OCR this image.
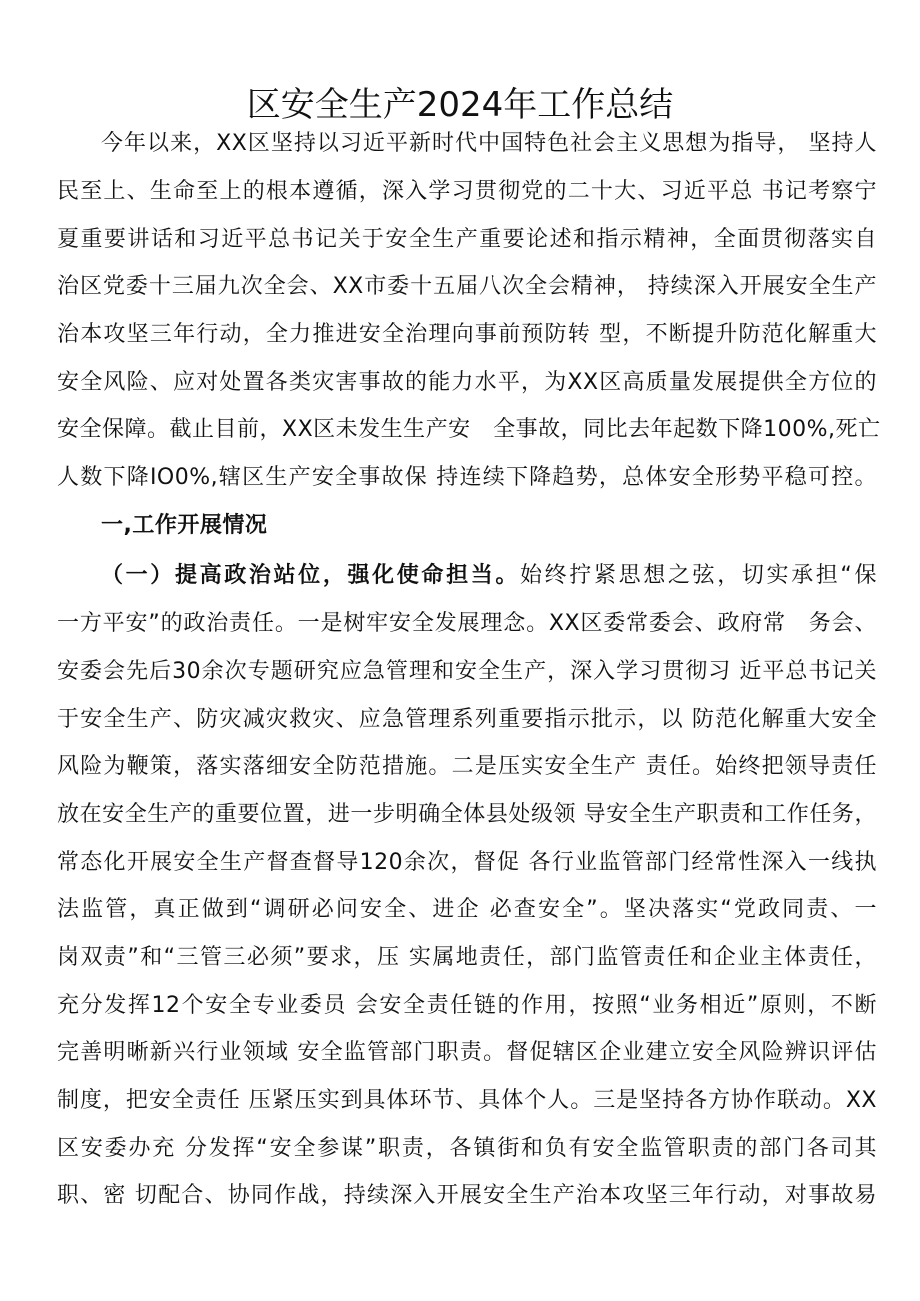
区安全生产2024年工作总结
今年以来，XX区坚持以习近平新时代中国特色社会主义思想为指导， 坚持人
民至上、生命至上的根本遵循，深入学习贯彻党的二十大、习近平总 书记考察宁
夏重要讲话和习近平总书记关于安全生产重要论述和指示精神，全面贯彻落实自
治区党委十三届九次全会、XX市委十五届八次全会精神， 持续深入开展安全生产
治本攻坚三年行动，全力推进安全治理向事前预防转 型，不断提升防范化解重大
安全风险、应对处置各类灾害事故的能力水平，为XX区高质量发展提供全方位的
安全保障。截止目前，XX区未发生生产安　全事故，同比去年起数下降100%,死亡
人数下降IO0%,辖区生产安全事故保 持连续下降趋势，总体安全形势平稳可控。
一,工作开展情况
（一）提高政治站位，强化使命担当。始终拧紧思想之弦，切实承担“保
一方平安”的政治责任。一是树牢安全发展理念。XX区委常委会、政府常　务会、
安委会先后30余次专题研究应急管理和安全生产，深入学习贯彻习 近平总书记关
于安全生产、防灾减灾救灾、应急管理系列重要指示批示，以 防范化解重大安全
风险为鞭策，落实落细安全防范措施。二是压实安全生产 责任。始终把领导责任
放在安全生产的重要位置，进一步明确全体县处级领 导安全生产职责和工作任务，
常态化开展安全生产督查督导120余次，督促 各行业监管部门经常性深入一线执
法监管，真正做到“调研必问安全、进企 必查安全”。坚决落实“党政同责、一
岗双责”和“三管三必须”要求，压 实属地责任，部门监管责任和企业主体责任，
充分发挥12个安全专业委员 会安全责任链的作用，按照“业务相近”原则，不断
完善明晰新兴行业领域 安全监管部门职责。督促辖区企业建立安全风险辨识评估
制度，把安全责任 压紧压实到具体环节、具体个人。三是坚持各方协作联动。XX
区安委办充 分发挥“安全参谋”职责，各镇街和负有安全监管职责的部门各司其
职、密 切配合、协同作战，持续深入开展安全生产治本攻坚三年行动，对事故易
